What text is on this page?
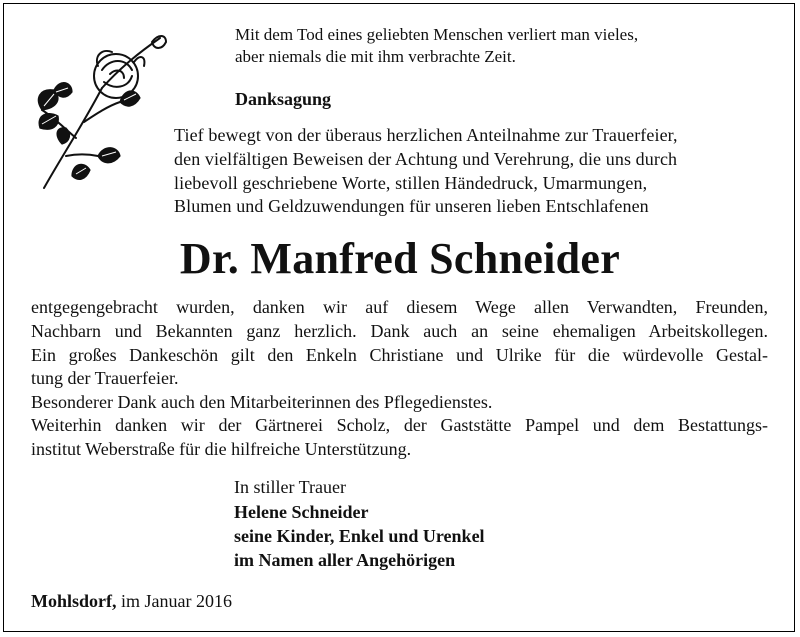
Mit dem Tod eines geliebten Menschen verliert man vieles,
aber niemals die mit ihm verbrachte Zeit.
Danksagung
Tief bewegt von der überaus herzlichen Anteilnahme zur Trauerfeier,
den vielfältigen Beweisen der Achtung und Verehrung, die uns durch
liebevoll geschriebene Worte, stillen Händedruck, Umarmungen,
Blumen und Geldzuwendungen für unseren lieben Entschlafenen
Dr. Manfred Schneider
entgegengebracht wurden, danken wir auf diesem Wege allen Verwandten, Freunden,
Nachbarn und Bekannten ganz herzlich. Dank auch an seine ehemaligen Arbeitskollegen.
Ein großes Dankeschön gilt den Enkeln Christiane und Ulrike für die würdevolle Gestal-
tung der Trauerfeier.
Besonderer Dank auch den Mitarbeiterinnen des Pflegedienstes.
Weiterhin danken wir der Gärtnerei Scholz, der Gaststätte Pampel und dem Bestattungs-
institut Weberstraße für die hilfreiche Unterstützung.
In stiller Trauer
Helene Schneider
seine Kinder, Enkel und Urenkel
im Namen aller Angehörigen
Mohlsdorf, im Januar 2016
